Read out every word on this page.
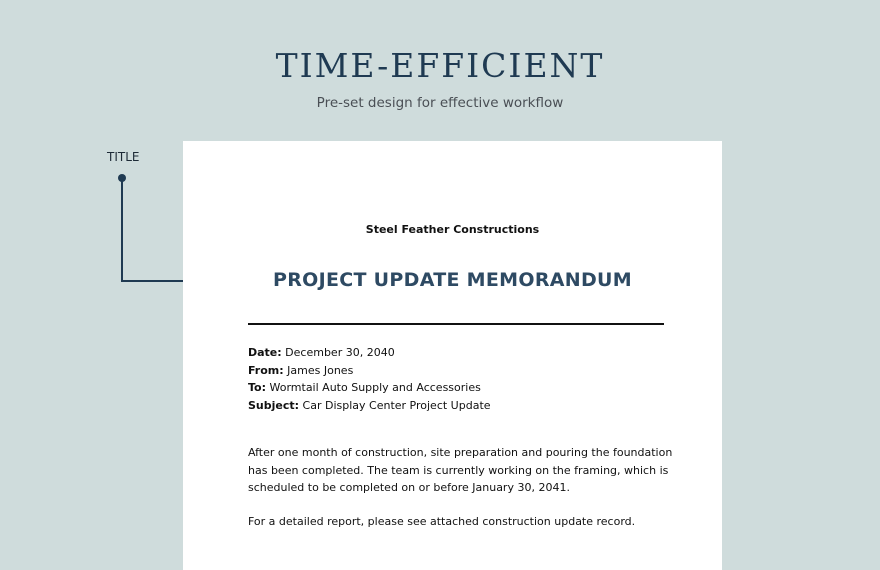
TIME-EFFICIENT
Pre-set design for effective workflow
TITLE
Steel Feather Constructions
PROJECT UPDATE MEMORANDUM
Date: December 30, 2040
From: James Jones
To: Wormtail Auto Supply and Accessories
Subject: Car Display Center Project Update
After one month of construction, site preparation and pouring the foundation
has been completed. The team is currently working on the framing, which is
scheduled to be completed on or before January 30, 2041.
For a detailed report, please see attached construction update record.
